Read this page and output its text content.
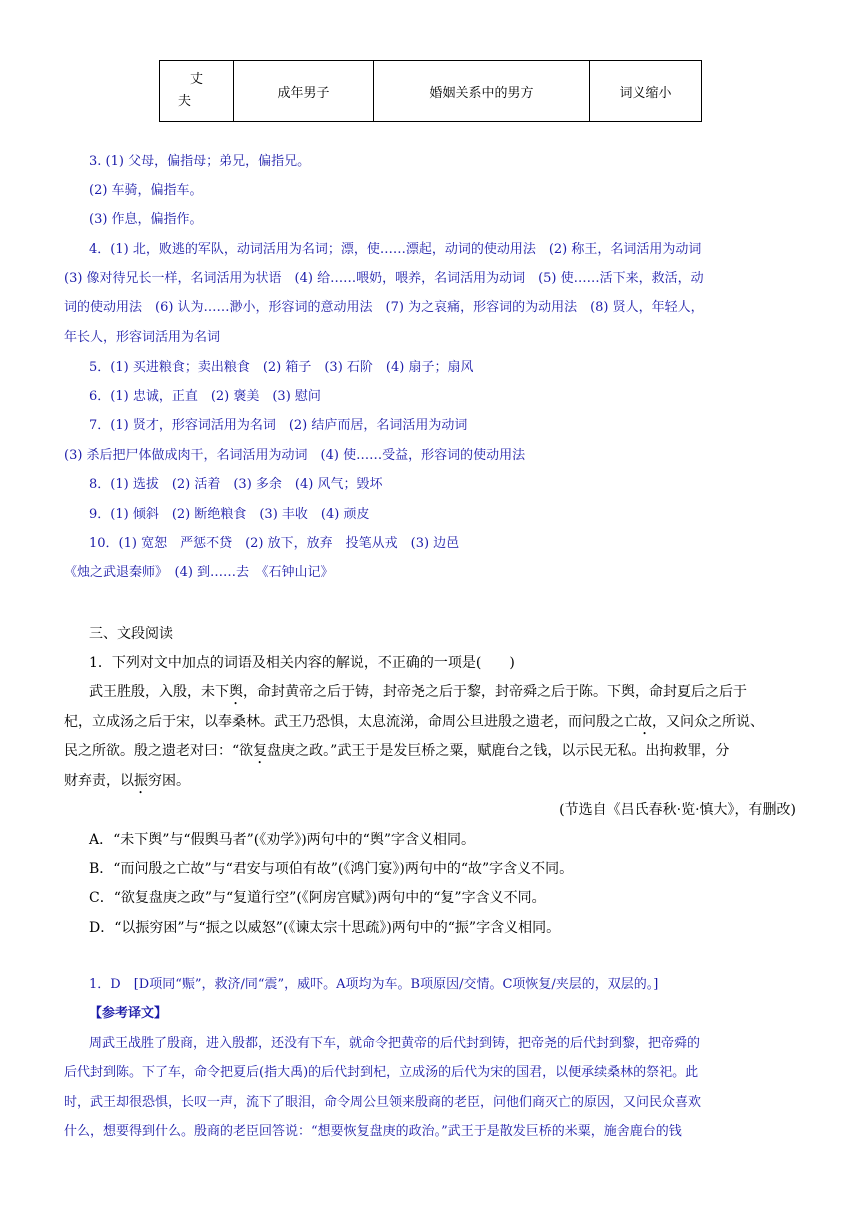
丈
夫
	成年男子	婚姻关系中的男方	词义缩小
3. (1) 父母，偏指母；弟兄，偏指兄。
(2) 车骑，偏指车。
(3) 作息，偏指作。
4．(1) 北，败逃的军队，动词活用为名词；漂，使……漂起，动词的使动用法　(2) 称王，名词活用为动词
(3) 像对待兄长一样，名词活用为状语　(4) 给……喂奶，喂养，名词活用为动词　(5) 使……活下来，救活，动
词的使动用法　(6) 认为……渺小，形容词的意动用法　(7) 为之哀痛，形容词的为动用法　(8) 贤人，年轻人，
年长人，形容词活用为名词
5．(1) 买进粮食；卖出粮食　(2) 箱子　(3) 石阶　(4) 扇子；扇风
6．(1) 忠诚，正直　(2) 褒美　(3) 慰问
7．(1) 贤才，形容词活用为名词　(2) 结庐而居，名词活用为动词
(3) 杀后把尸体做成肉干，名词活用为动词　(4) 使……受益，形容词的使动用法
8．(1) 选拔　(2) 活着　(3) 多余　(4) 风气；毁坏
9．(1) 倾斜　(2) 断绝粮食　(3) 丰收　(4) 顽皮
10．(1) 宽恕　严惩不贷　(2) 放下，放弃　投笔从戎　(3) 边邑
《烛之武退秦师》　(4) 到……去　《石钟山记》
三、文段阅读
1．下列对文中加点的词语及相关内容的解说，不正确的一项是(　　)
武王胜殷，入殷，未下舆，命封黄帝之后于铸，封帝尧之后于黎，封帝舜之后于陈。下舆，命封夏后之后于
杞，立成汤之后于宋，以奉桑林。武王乃恐惧，太息流涕，命周公旦进殷之遗老，而问殷之亡故，又问众之所说、
民之所欲。殷之遗老对曰：“欲复盘庚之政。”武王于是发巨桥之粟，赋鹿台之钱，以示民无私。出拘救罪，分
财弃责，以振穷困。
(节选自《吕氏春秋·览·慎大》，有删改)
A．“未下舆”与“假舆马者”(《劝学》)两句中的“舆”字含义相同。
B．“而问殷之亡故”与“君安与项伯有故”(《鸿门宴》)两句中的“故”字含义不同。
C．“欲复盘庚之政”与“复道行空”(《阿房宫赋》)两句中的“复”字含义不同。
D．“以振穷困”与“振之以威怒”(《谏太宗十思疏》)两句中的“振”字含义相同。
1．D　[D项同“赈”，救济/同“震”，威吓。A项均为车。B项原因/交情。C项恢复/夹层的，双层的。]
【参考译文】
周武王战胜了殷商，进入殷都，还没有下车，就命令把黄帝的后代封到铸，把帝尧的后代封到黎，把帝舜的
后代封到陈。下了车，命令把夏后(指大禹)的后代封到杞，立成汤的后代为宋的国君，以便承续桑林的祭祀。此
时，武王却很恐惧，长叹一声，流下了眼泪，命令周公旦领来殷商的老臣，问他们商灭亡的原因，又问民众喜欢
什么，想要得到什么。殷商的老臣回答说：“想要恢复盘庚的政治。”武王于是散发巨桥的米粟，施舍鹿台的钱
